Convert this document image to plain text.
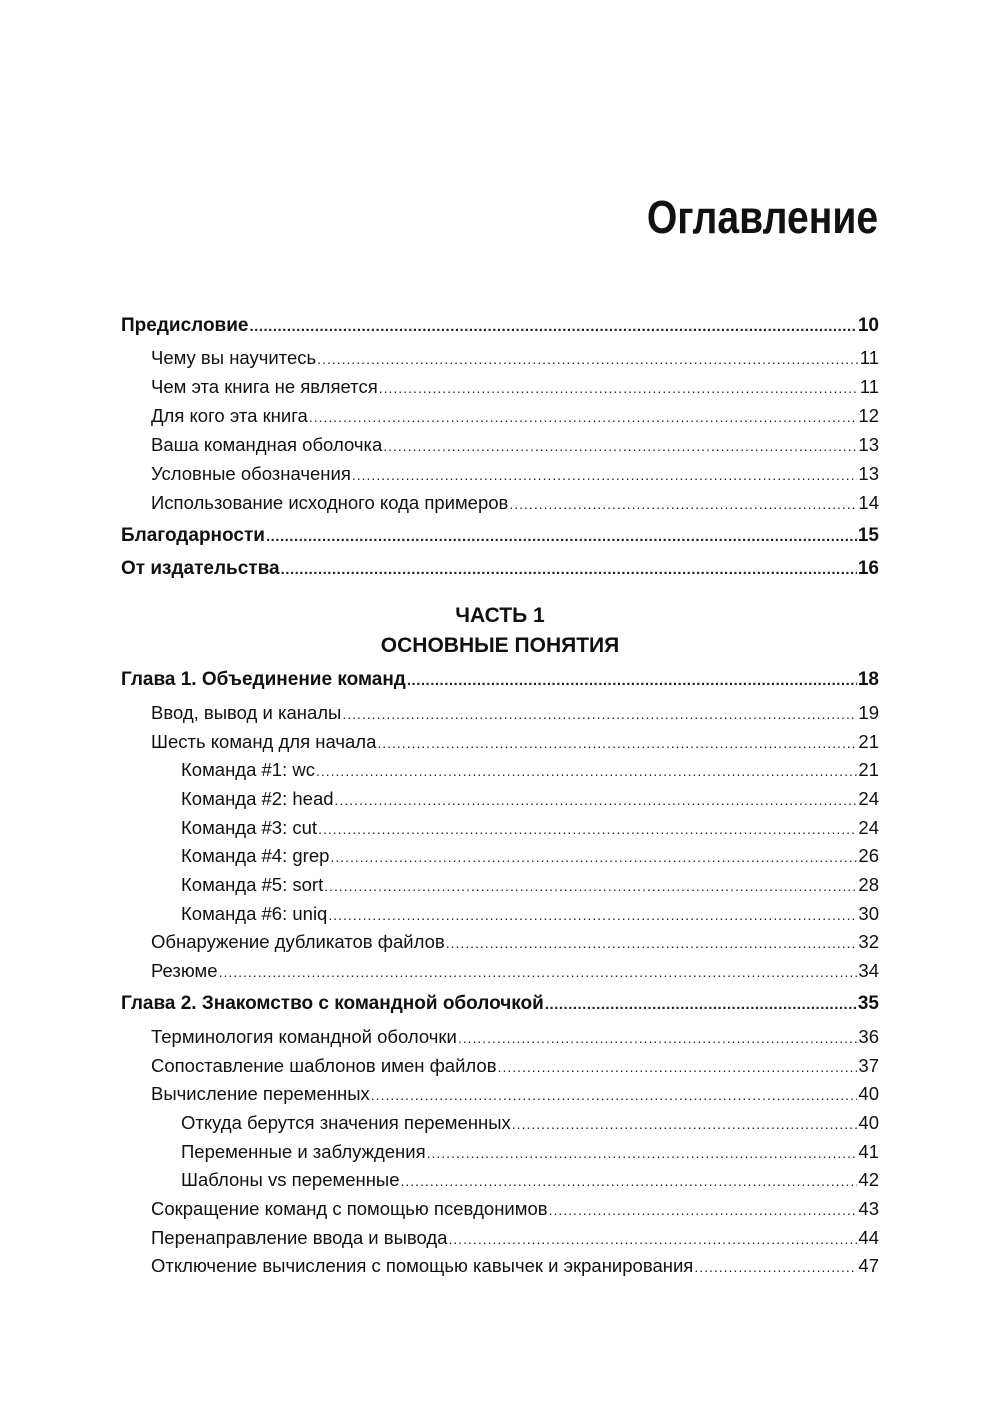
Оглавление
Предисловие .....	10
Чему вы научитесь .....	11
Чем эта книга не является .....	11
Для кого эта книга .....	12
Ваша командная оболочка .....	13
Условные обозначения .....	13
Использование исходного кода примеров .....	14
Благодарности .....	15
От издательства .....	16
ЧАСТЬ 1
ОСНОВНЫЕ ПОНЯТИЯ
Глава 1. Объединение команд .....	18
Ввод, вывод и каналы .....	19
Шесть команд для начала .....	21
Команда #1: wc .....	21
Команда #2: head .....	24
Команда #3: cut .....	24
Команда #4: grep .....	26
Команда #5: sort .....	28
Команда #6: uniq .....	30
Обнаружение дубликатов файлов .....	32
Резюме .....	34
Глава 2. Знакомство с командной оболочкой .....	35
Терминология командной оболочки .....	36
Сопоставление шаблонов имен файлов .....	37
Вычисление переменных .....	40
Откуда берутся значения переменных .....	40
Переменные и заблуждения .....	41
Шаблоны vs переменные .....	42
Сокращение команд с помощью псевдонимов .....	43
Перенаправление ввода и вывода .....	44
Отключение вычисления с помощью кавычек и экранирования .....	47
